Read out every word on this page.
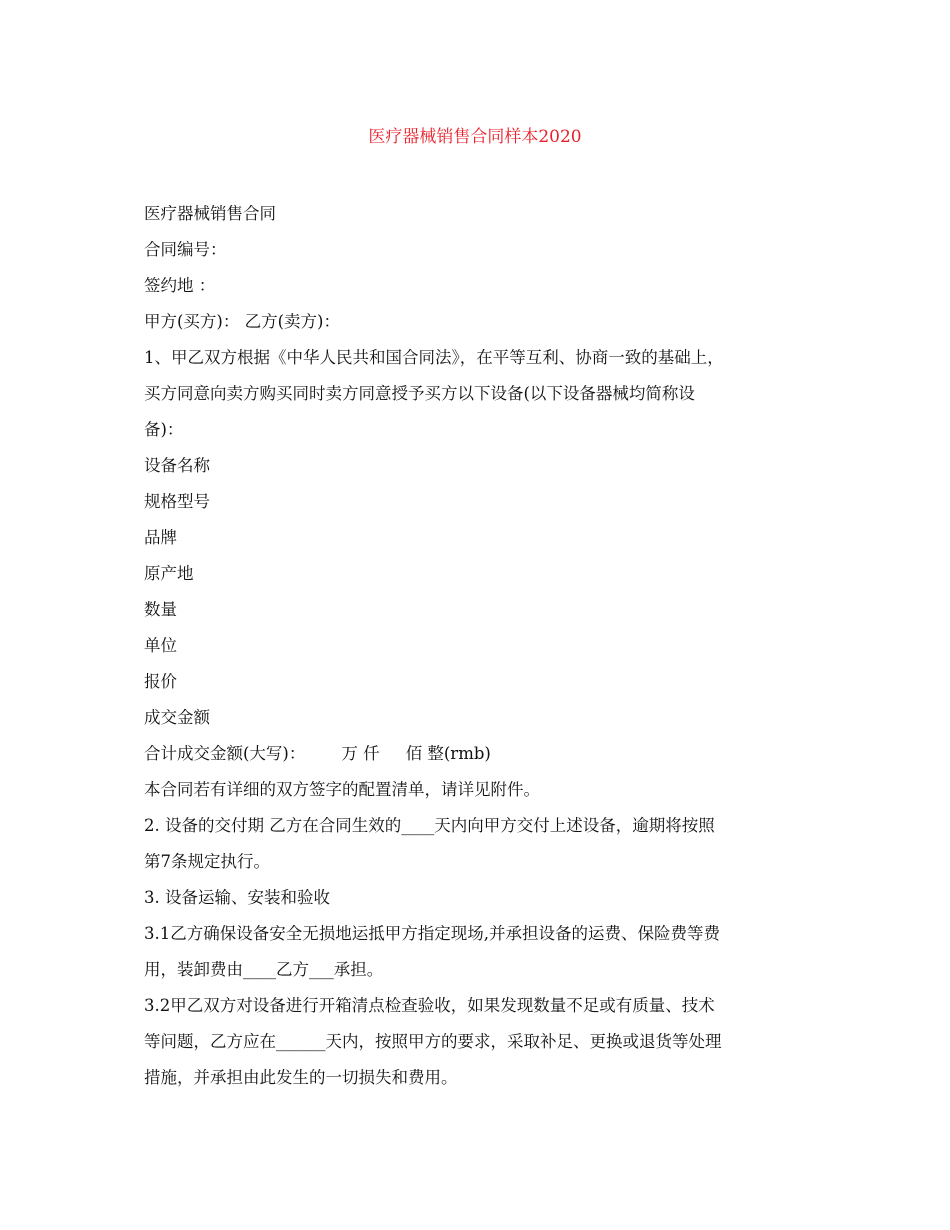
医疗器械销售合同样本2020

医疗器械销售合同

合同编号：

签约地 ：

甲方(买方)： 乙方(卖方)：

1、甲乙双方根据《中华人民共和国合同法》，在平等互利、协商一致的基础上，

买方同意向卖方购买同时卖方同意授予买方以下设备(以下设备器械均简称设

备)：

设备名称

规格型号

品牌

原产地

数量

单位

报价

成交金额

合计成交金额(大写)： 万 仟 佰 整(rmb)

本合同若有详细的双方签字的配置清单，请详见附件。

2. 设备的交付期 乙方在合同生效的____天内向甲方交付上述设备，逾期将按照

第7条规定执行。

3. 设备运输、安装和验收

3.1乙方确保设备安全无损地运抵甲方指定现场,并承担设备的运费、保险费等费

用，装卸费由____乙方___承担。

3.2甲乙双方对设备进行开箱清点检查验收，如果发现数量不足或有质量、技术

等问题，乙方应在______天内，按照甲方的要求，采取补足、更换或退货等处理

措施，并承担由此发生的一切损失和费用。
